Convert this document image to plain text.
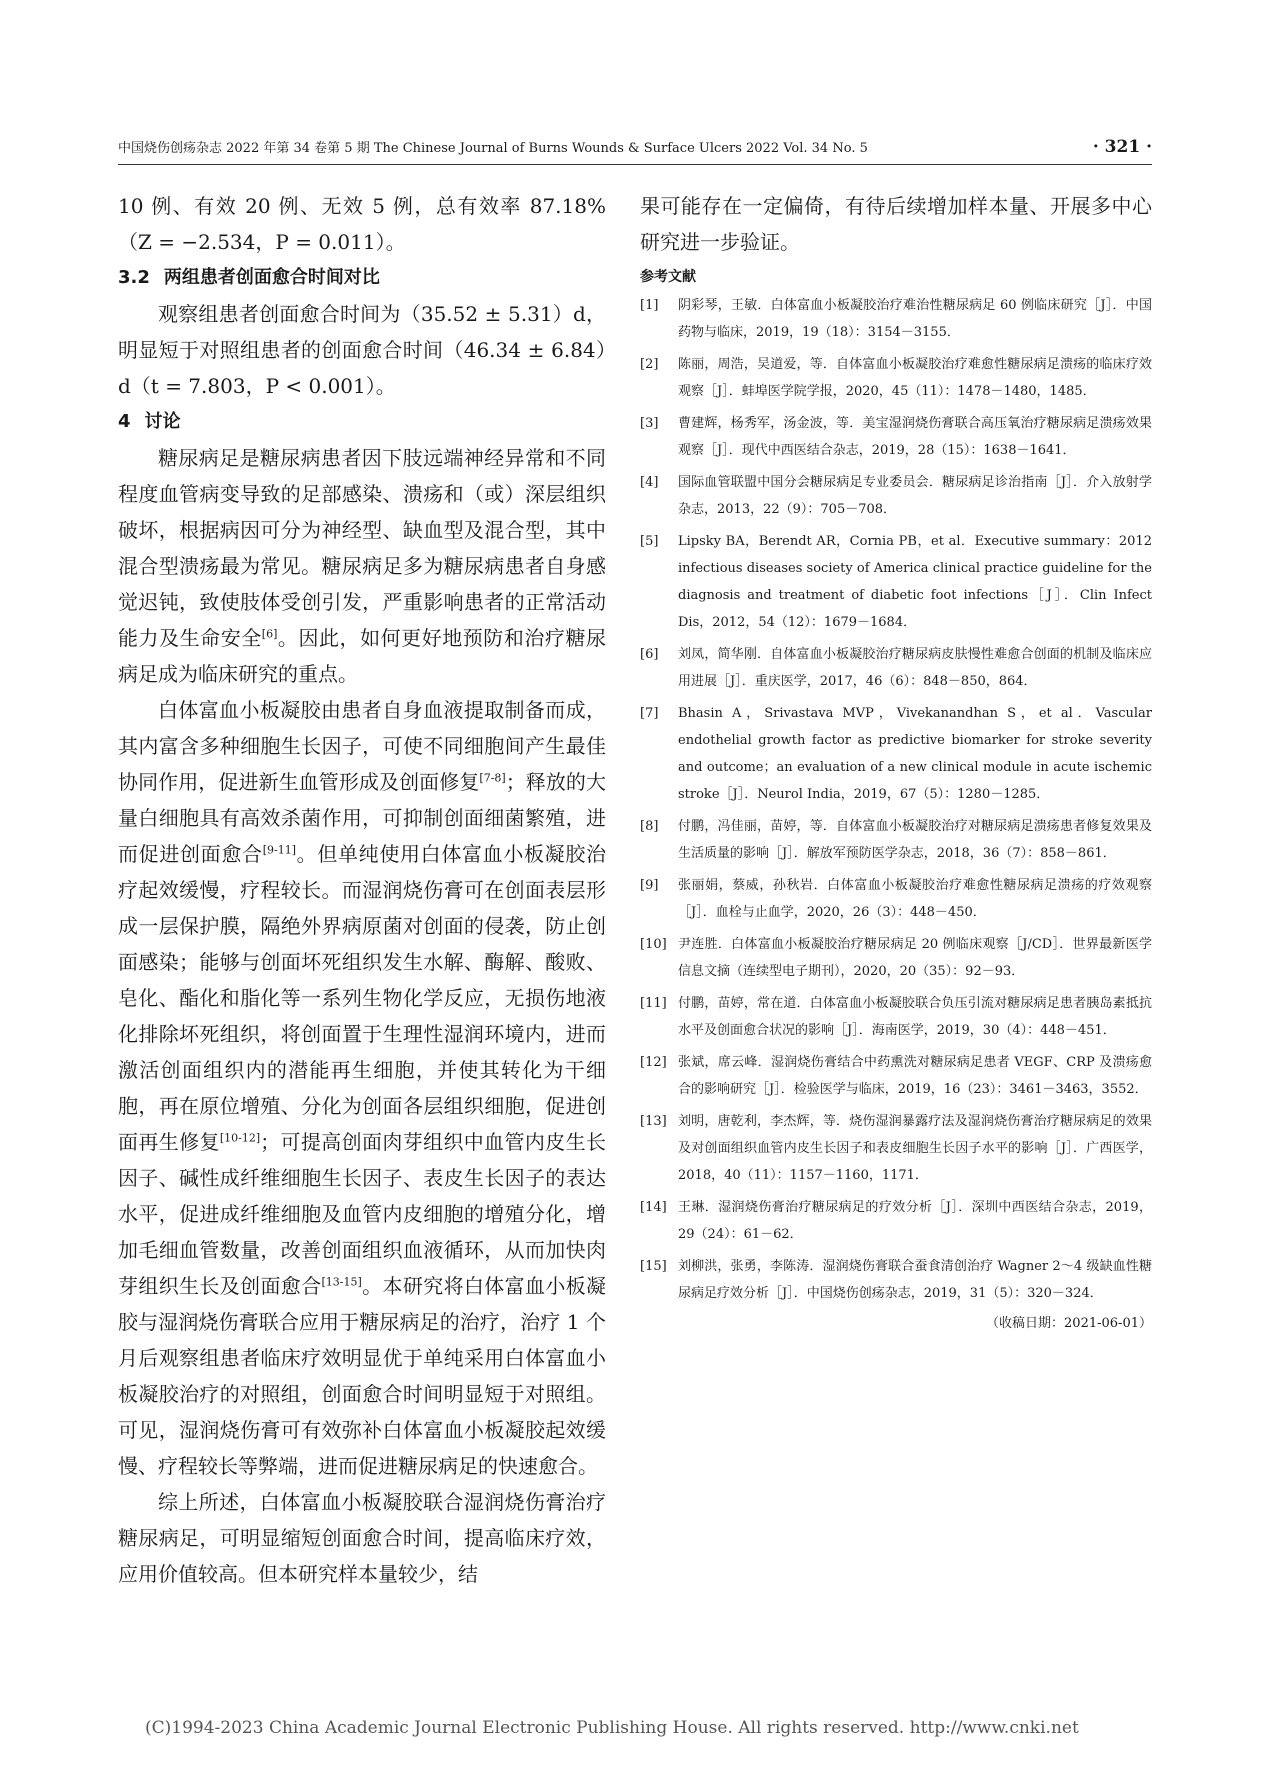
中国烧伤创疡杂志 2022 年第 34 卷第 5 期 The Chinese Journal of Burns Wounds & Surface Ulcers 2022 Vol. 34 No. 5	· 321 ·

10 例、有效 20 例、无效 5 例，总有效率 87.18%（Z = −2.534，P = 0.011）。

3.2 两组患者创面愈合时间对比

观察组患者创面愈合时间为（35.52 ± 5.31）d，明显短于对照组患者的创面愈合时间（46.34 ± 6.84）d（t = 7.803，P < 0.001）。

4 讨论

糖尿病足是糖尿病患者因下肢远端神经异常和不同程度血管病变导致的足部感染、溃疡和（或）深层组织破坏，根据病因可分为神经型、缺血型及混合型，其中混合型溃疡最为常见。糖尿病足多为糖尿病患者自身感觉迟钝，致使肢体受创引发，严重影响患者的正常活动能力及生命安全[6]。因此，如何更好地预防和治疗糖尿病足成为临床研究的重点。

白体富血小板凝胶由患者自身血液提取制备而成，其内富含多种细胞生长因子，可使不同细胞间产生最佳协同作用，促进新生血管形成及创面修复[7-8]；释放的大量白细胞具有高效杀菌作用，可抑制创面细菌繁殖，进而促进创面愈合[9-11]。但单纯使用白体富血小板凝胶治疗起效缓慢，疗程较长。而湿润烧伤膏可在创面表层形成一层保护膜，隔绝外界病原菌对创面的侵袭，防止创面感染；能够与创面坏死组织发生水解、酶解、酸败、皂化、酯化和脂化等一系列生物化学反应，无损伤地液化排除坏死组织，将创面置于生理性湿润环境内，进而激活创面组织内的潜能再生细胞，并使其转化为干细胞，再在原位增殖、分化为创面各层组织细胞，促进创面再生修复[10-12]；可提高创面肉芽组织中血管内皮生长因子、碱性成纤维细胞生长因子、表皮生长因子的表达水平，促进成纤维细胞及血管内皮细胞的增殖分化，增加毛细血管数量，改善创面组织血液循环，从而加快肉芽组织生长及创面愈合[13-15]。本研究将白体富血小板凝胶与湿润烧伤膏联合应用于糖尿病足的治疗，治疗 1 个月后观察组患者临床疗效明显优于单纯采用白体富血小板凝胶治疗的对照组，创面愈合时间明显短于对照组。可见，湿润烧伤膏可有效弥补白体富血小板凝胶起效缓慢、疗程较长等弊端，进而促进糖尿病足的快速愈合。

综上所述，白体富血小板凝胶联合湿润烧伤膏治疗糖尿病足，可明显缩短创面愈合时间，提高临床疗效，应用价值较高。但本研究样本量较少，结

果可能存在一定偏倚，有待后续增加样本量、开展多中心研究进一步验证。

参考文献
[1] 阴彩琴，王敏．白体富血小板凝胶治疗难治性糖尿病足 60 例临床研究［J］．中国药物与临床，2019，19（18）：3154－3155．
[2] 陈丽，周浩，吴道爱，等．自体富血小板凝胶治疗难愈性糖尿病足溃疡的临床疗效观察［J］．蚌埠医学院学报，2020，45（11）：1478－1480，1485．
[3] 曹建辉，杨秀军，汤金波，等．美宝湿润烧伤膏联合高压氧治疗糖尿病足溃疡效果观察［J］．现代中西医结合杂志，2019，28（15）：1638－1641．
[4] 国际血管联盟中国分会糖尿病足专业委员会．糖尿病足诊治指南［J］．介入放射学杂志，2013，22（9）：705－708．
[5] Lipsky BA，Berendt AR，Cornia PB，et al．Executive summary：2012 infectious diseases society of America clinical practice guideline for the diagnosis and treatment of diabetic foot infections［J］．Clin Infect Dis，2012，54（12）：1679－1684．
[6] 刘凤，简华刚．自体富血小板凝胶治疗糖尿病皮肤慢性难愈合创面的机制及临床应用进展［J］．重庆医学，2017，46（6）：848－850，864．
[7] Bhasin A，Srivastava MVP，Vivekanandhan S，et al．Vascular endothelial growth factor as predictive biomarker for stroke severity and outcome；an evaluation of a new clinical module in acute ischemic stroke［J］．Neurol India，2019，67（5）：1280－1285．
[8] 付鹏，冯佳丽，苗婷，等．自体富血小板凝胶治疗对糖尿病足溃疡患者修复效果及生活质量的影响［J］．解放军预防医学杂志，2018，36（7）：858－861．
[9] 张丽娟，蔡威，孙秋岩．白体富血小板凝胶治疗难愈性糖尿病足溃疡的疗效观察［J］．血栓与止血学，2020，26（3）：448－450．
[10] 尹连胜．白体富血小板凝胶治疗糖尿病足 20 例临床观察［J/CD］．世界最新医学信息文摘（连续型电子期刊），2020，20（35）：92－93．
[11] 付鹏，苗婷，常在道．白体富血小板凝胶联合负压引流对糖尿病足患者胰岛素抵抗水平及创面愈合状况的影响［J］．海南医学，2019，30（4）：448－451．
[12] 张斌，席云峰．湿润烧伤膏结合中药熏洗对糖尿病足患者 VEGF、CRP 及溃疡愈合的影响研究［J］．检验医学与临床，2019，16（23）：3461－3463，3552．
[13] 刘明，唐乾利，李杰辉，等．烧伤湿润暴露疗法及湿润烧伤膏治疗糖尿病足的效果及对创面组织血管内皮生长因子和表皮细胞生长因子水平的影响［J］．广西医学，2018，40（11）：1157－1160，1171．
[14] 王琳．湿润烧伤膏治疗糖尿病足的疗效分析［J］．深圳中西医结合杂志，2019，29（24）：61－62．
[15] 刘柳洪，张勇，李陈涛．湿润烧伤膏联合蚕食清创治疗 Wagner 2～4 级缺血性糖尿病足疗效分析［J］．中国烧伤创疡杂志，2019，31（5）：320－324．
（收稿日期：2021-06-01）
(C)1994-2023 China Academic Journal Electronic Publishing House. All rights reserved. http://www.cnki.net
